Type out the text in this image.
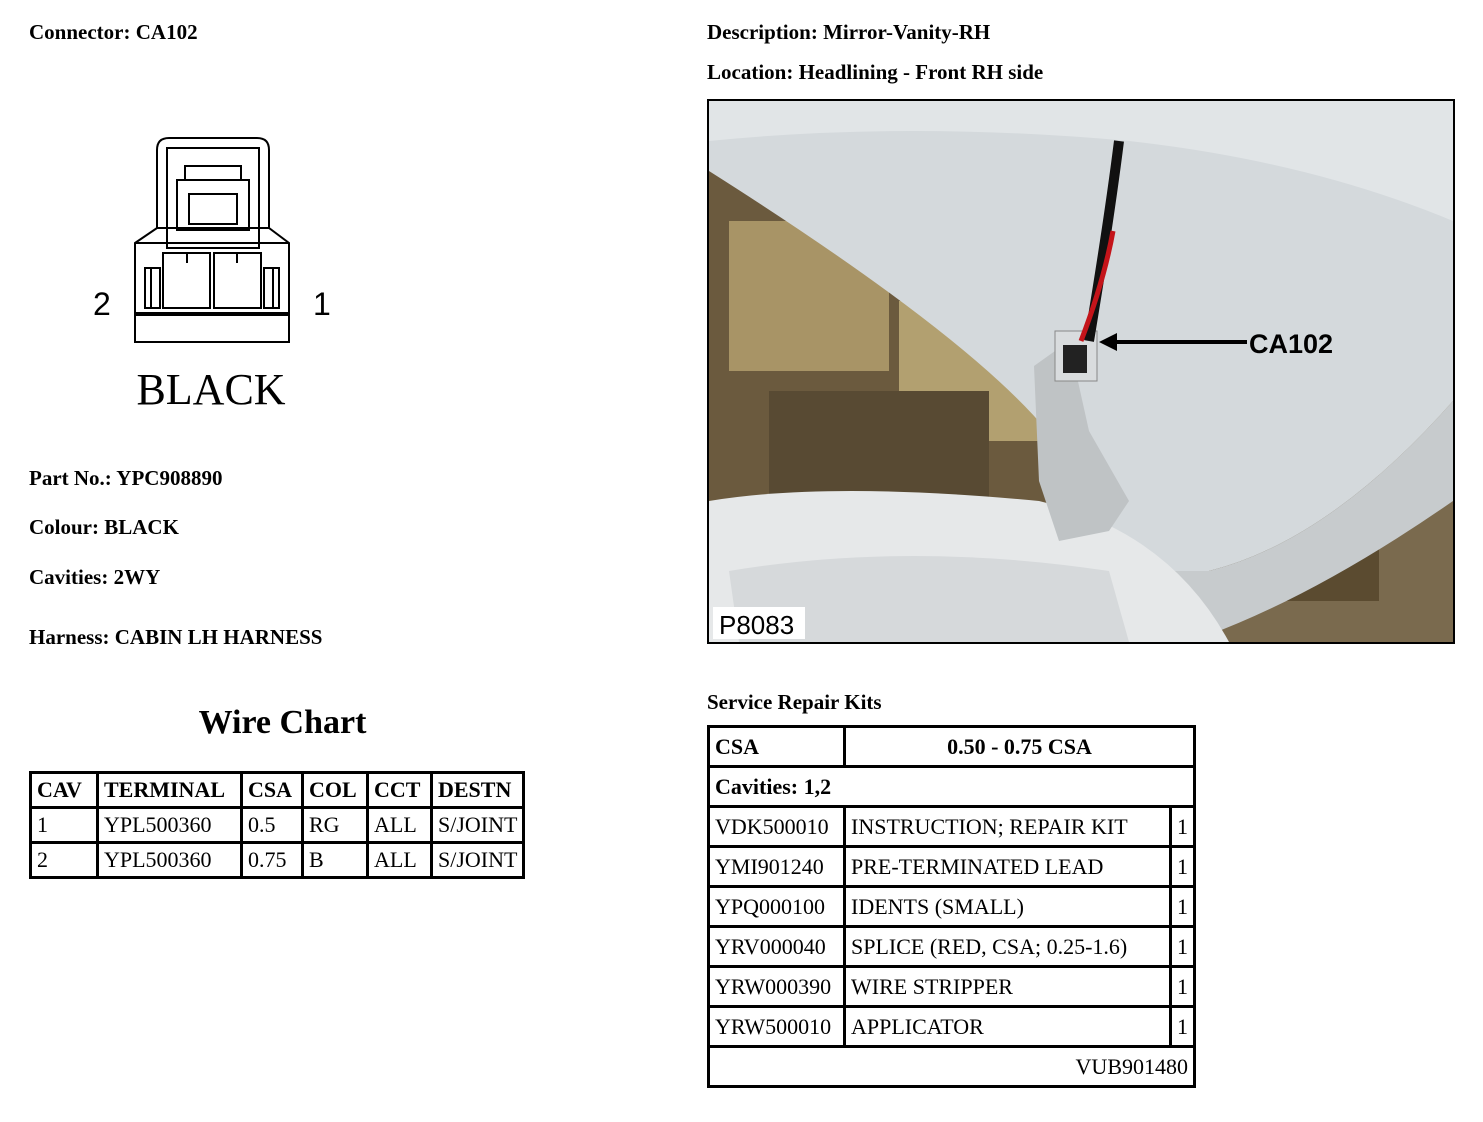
Connector: CA102	Description: Mirror-Vanity-RH
Location: Headlining - Front RH side
2	1
BLACK
Part No.: YPC908890
Colour: BLACK
Cavities: 2WY
Harness: CABIN LH HARNESS
CA102
P8083
Wire Chart
CAV	TERMINAL	CSA	COL	CCT	DESTN
1	YPL500360	0.5	RG	ALL	S/JOINT
2	YPL500360	0.75	B	ALL	S/JOINT
Service Repair Kits
CSA	0.50 - 0.75 CSA	
Cavities: 1,2		
VDK500010	INSTRUCTION; REPAIR KIT	1
YMI901240	PRE-TERMINATED LEAD	1
YPQ000100	IDENTS (SMALL)	1
YRV000040	SPLICE (RED, CSA; 0.25-1.6)	1
YRW000390	WIRE STRIPPER	1
YRW500010	APPLICATOR	1
VUB901480		
